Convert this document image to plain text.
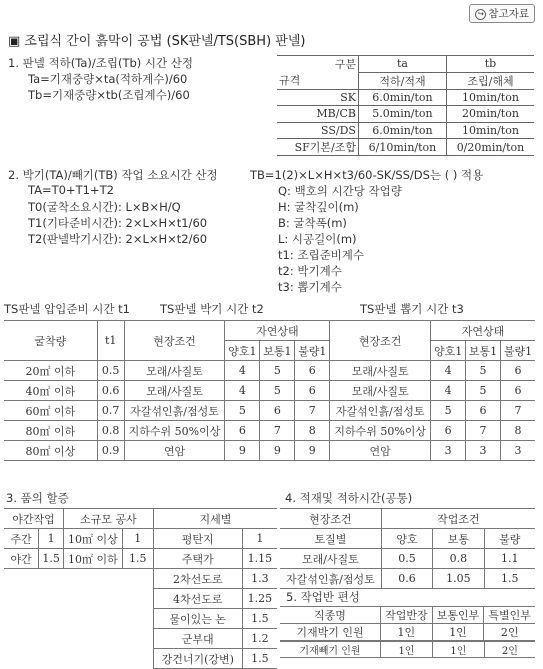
↪ 참고자료
▣ 조립식 간이 흙막이 공법 (SK판넬/TS(SBH) 판넬)
1. 판넬 적하(Ta)/조립(Tb) 시간 산정
Ta=기재중량×ta(적하계수)/60
Tb=기재중량×tb(조립계수)/60
구분	ta	tb
규격	적하/적재	조립/해체
SK	6.0min/ton	10min/ton
MB/CB	5.0min/ton	20min/ton
SS/DS	6.0min/ton	10min/ton
SF기본/조합	6/10min/ton	0/20min/ton
2. 박기(TA)/빼기(TB) 작업 소요시간 산정
TA=T0+T1+T2
T0(굴착소요시간): L×B×H/Q
T1(기타준비시간): 2×L×H×t1/60
T2(판넬박기시간): 2×L×H×t2/60
TB=1(2)×L×H×t3/60-SK/SS/DS는 ( ) 적용
Q: 백호의 시간당 작업량
H: 굴착깊이(m)
B: 굴착폭(m)
L: 시공길이(m)
t1: 조립준비계수
t2: 박기계수
t3: 뽑기계수
TS판넬 압입준비 시간 t1	TS판넬 박기 시간 t2	TS판넬 뽑기 시간 t3
굴착량	t1	현장조건	자연상태			현장조건	자연상태		
			양호1	보통1	불량1		양호1	보통1	불량1
20㎡ 이하	0.5	모래/사질토	4	5	6	모래/사질토	4	5	6
40㎡ 이하	0.6	모래/사질토	4	5	6	모래/사질토	4	5	6
60㎡ 이하	0.7	자갈섞인흙/점성토	5	6	7	자갈섞인흙/점성토	5	6	7
80㎡ 이하	0.8	지하수위 50%이상	6	7	8	지하수위 50%이상	6	7	8
80㎡ 이상	0.9	연암	9	9	9	연암	3	3	3
3. 품의 할증
야간작업		소규모 공사		지세별	
주간	1	10㎡ 이상	1	평탄지	1
야간	1.5	10㎡ 이하	1.5	주택가	1.15
				2차선도로	1.3
				4차선도로	1.25
				물이있는 논	1.5
				군부대	1.2
				강건너기(강변)	1.5
4. 적재및 적하시간(공통)
현장조건	작업조건		
토질별	양호	보통	불량
모래/사질토	0.5	0.8	1.1
자갈섞인흙/점성토	0.6	1.05	1.5
5. 작업반 편성
직종명	작업반장	보통인부	특별인부
기재박기 인원	1인	1인	2인
기재빼기 인원	1인	1인	2인
